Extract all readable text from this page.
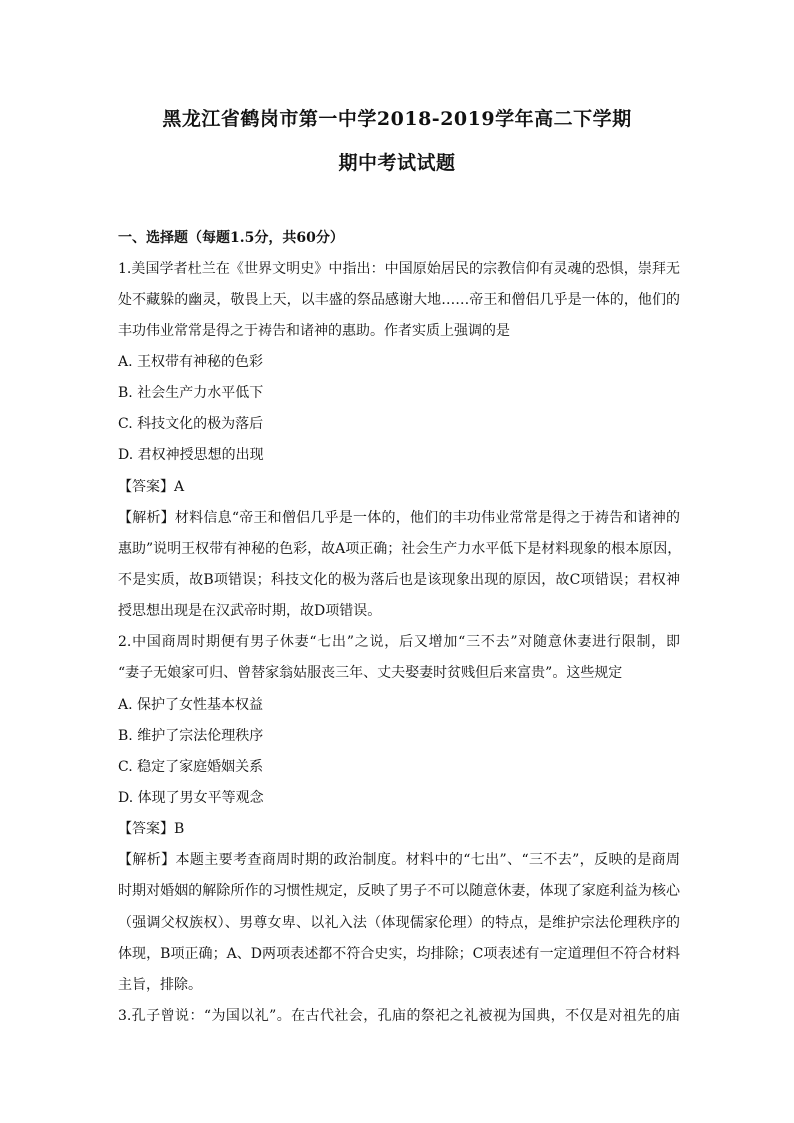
黑龙江省鹤岗市第一中学2018-2019学年高二下学期
期中考试试题
一、选择题（每题1.5分，共60分）
1.美国学者杜兰在《世界文明史》中指出：中国原始居民的宗教信仰有灵魂的恐惧，崇拜无
处不藏躲的幽灵，敬畏上天，以丰盛的祭品感谢大地……帝王和僧侣几乎是一体的，他们的
丰功伟业常常是得之于祷告和诸神的惠助。作者实质上强调的是
A. 王权带有神秘的色彩
B. 社会生产力水平低下
C. 科技文化的极为落后
D. 君权神授思想的出现
【答案】A
【解析】材料信息“帝王和僧侣几乎是一体的，他们的丰功伟业常常是得之于祷告和诸神的
惠助”说明王权带有神秘的色彩，故A项正确；社会生产力水平低下是材料现象的根本原因，
不是实质，故B项错误；科技文化的极为落后也是该现象出现的原因，故C项错误；君权神
授思想出现是在汉武帝时期，故D项错误。
2.中国商周时期便有男子休妻“七出”之说，后又增加“三不去”对随意休妻进行限制，即
“妻子无娘家可归、曾替家翁姑服丧三年、丈夫娶妻时贫贱但后来富贵”。这些规定
A. 保护了女性基本权益
B. 维护了宗法伦理秩序
C. 稳定了家庭婚姻关系
D. 体现了男女平等观念
【答案】B
【解析】本题主要考查商周时期的政治制度。材料中的“七出”、“三不去”，反映的是商周
时期对婚姻的解除所作的习惯性规定，反映了男子不可以随意休妻，体现了家庭利益为核心
（强调父权族权）、男尊女卑、以礼入法（体现儒家伦理）的特点，是维护宗法伦理秩序的
体现，B项正确；A、D两项表述都不符合史实，均排除；C项表述有一定道理但不符合材料
主旨，排除。
3.孔子曾说：“为国以礼”。在古代社会，孔庙的祭祀之礼被视为国典，不仅是对祖先的庙
